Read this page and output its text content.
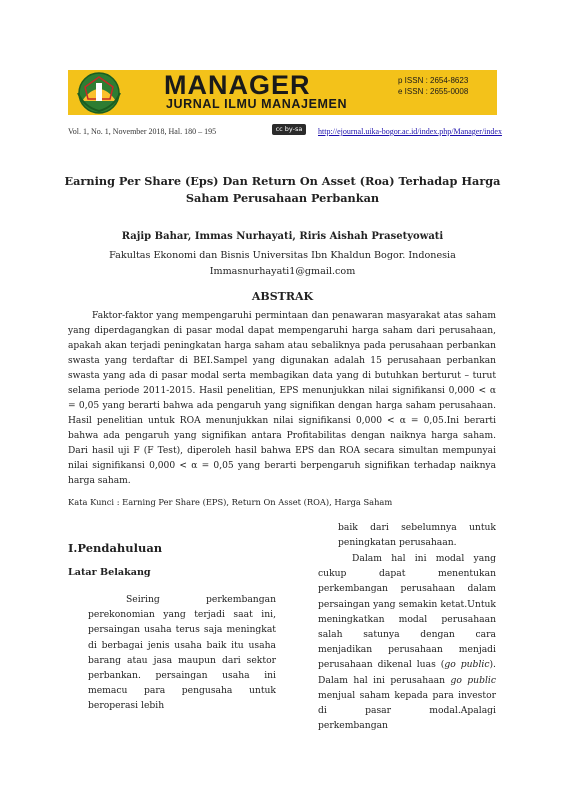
MANAGER
JURNAL ILMU MANAJEMEN
p ISSN : 2654-8623
e ISSN : 2655-0008
Vol. 1, No. 1, November 2018, Hal. 180 – 195	cc by-sa	http://ejournal.uika-bogor.ac.id/index.php/Manager/index
Earning Per Share (Eps) Dan Return On Asset (Roa) Terhadap Harga
Saham Perusahaan Perbankan
Rajip Bahar, Immas Nurhayati, Riris Aishah Prasetyowati
Fakultas Ekonomi dan Bisnis Universitas Ibn Khaldun Bogor. Indonesia
Immasnurhayati1@gmail.com
ABSTRAK

Faktor-faktor yang mempengaruhi permintaan dan penawaran masyarakat atas saham yang diperdagangkan di pasar modal dapat mempengaruhi harga saham dari perusahaan, apakah akan terjadi peningkatan harga saham atau sebaliknya pada perusahaan perbankan swasta yang terdaftar di BEI.Sampel yang digunakan adalah 15 perusahaan perbankan swasta yang ada di pasar modal serta membagikan data yang di butuhkan berturut – turut selama periode 2011-2015. Hasil penelitian, EPS menunjukkan nilai signifikansi 0,000 < α = 0,05 yang berarti bahwa ada pengaruh yang signifikan dengan harga saham perusahaan. Hasil penelitian untuk ROA menunjukkan nilai signifikansi 0,000 < α = 0,05.Ini berarti bahwa ada pengaruh yang signifikan antara Profitabilitas dengan naiknya harga saham. Dari hasil uji F (F Test), diperoleh hasil bahwa EPS dan ROA secara simultan mempunyai nilai signifikansi 0,000 < α = 0,05 yang berarti berpengaruh signifikan terhadap naiknya harga saham.

Kata Kunci : Earning Per Share (EPS), Return On Asset (ROA), Harga Saham
I.Pendahuluan
Latar Belakang

Seiring perkembangan perekonomian yang terjadi saat ini, persaingan usaha terus saja meningkat di berbagai jenis usaha baik itu usaha barang atau jasa maupun dari sektor perbankan. persaingan usaha ini memacu para pengusaha untuk beroperasi lebih

baik dari sebelumnya untuk peningkatan perusahaan.

Dalam hal ini modal yang cukup dapat menentukan perkembangan perusahaan dalam persaingan yang semakin ketat.Untuk meningkatkan modal perusahaan salah satunya dengan cara menjadikan perusahaan menjadi perusahaan dikenal luas (go public). Dalam hal ini perusahaan go public menjual saham kepada para investor di pasar modal.Apalagi perkembangan
